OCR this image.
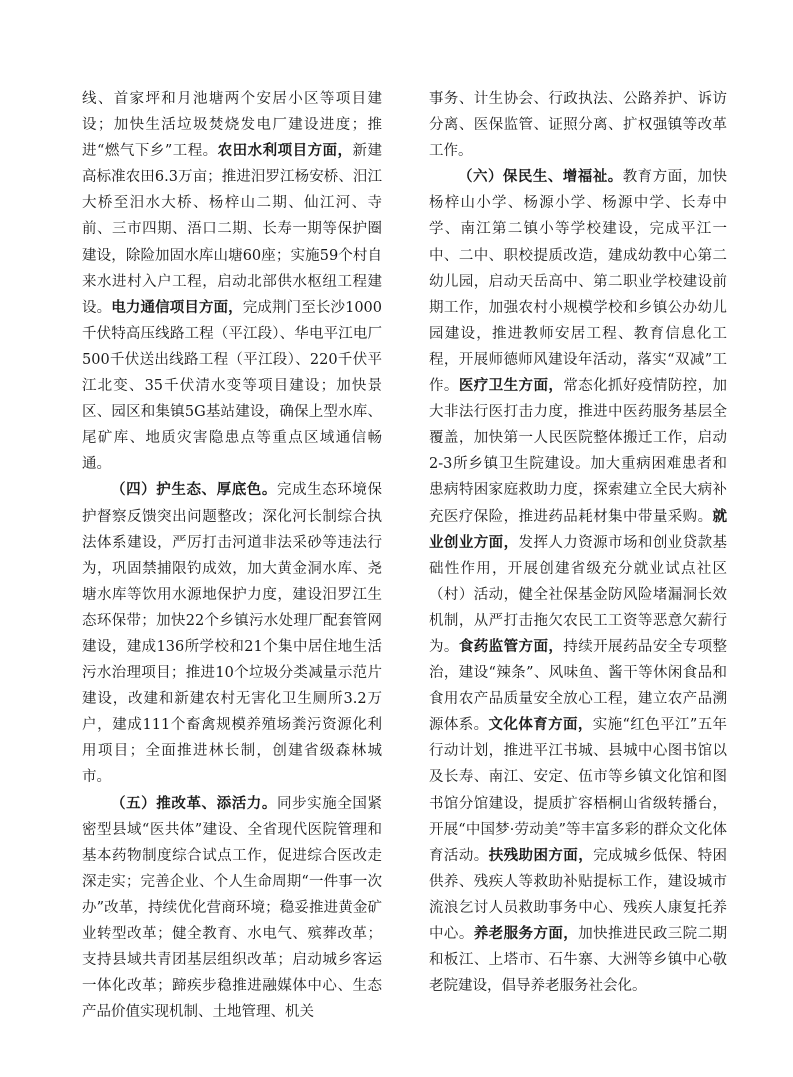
线、首家坪和月池塘两个安居小区等项目建设；加快生活垃圾焚烧发电厂建设进度；推进“燃气下乡”工程。农田水利项目方面，新建高标准农田6.3万亩；推进汨罗江杨安桥、汨江大桥至汨水大桥、杨梓山二期、仙江河、寺前、三市四期、浯口二期、长寿一期等保护圈建设，除险加固水库山塘60座；实施59个村自来水进村入户工程，启动北部供水枢纽工程建设。电力通信项目方面，完成荆门至长沙1000千伏特高压线路工程（平江段）、华电平江电厂500千伏送出线路工程（平江段）、220千伏平江北变、35千伏清水变等项目建设；加快景区、园区和集镇5G基站建设，确保上型水库、尾矿库、地质灾害隐患点等重点区域通信畅通。

（四）护生态、厚底色。完成生态环境保护督察反馈突出问题整改；深化河长制综合执法体系建设，严厉打击河道非法采砂等违法行为，巩固禁捕限钓成效，加大黄金洞水库、尧塘水库等饮用水源地保护力度，建设汨罗江生态环保带；加快22个乡镇污水处理厂配套管网建设，建成136所学校和21个集中居住地生活污水治理项目；推进10个垃圾分类减量示范片建设，改建和新建农村无害化卫生厕所3.2万户，建成111个畜禽规模养殖场粪污资源化利用项目；全面推进林长制，创建省级森林城市。

（五）推改革、添活力。同步实施全国紧密型县域“医共体”建设、全省现代医院管理和基本药物制度综合试点工作，促进综合医改走深走实；完善企业、个人生命周期“一件事一次办”改革，持续优化营商环境；稳妥推进黄金矿业转型改革；健全教育、水电气、殡葬改革；支持县域共青团基层组织改革；启动城乡客运一体化改革；蹄疾步稳推进融媒体中心、生态产品价值实现机制、土地管理、机关

事务、计生协会、行政执法、公路养护、诉访分离、医保监管、证照分离、扩权强镇等改革工作。

（六）保民生、增福祉。教育方面，加快杨梓山小学、杨源小学、杨源中学、长寿中学、南江第二镇小等学校建设，完成平江一中、二中、职校提质改造，建成幼教中心第二幼儿园，启动天岳高中、第二职业学校建设前期工作，加强农村小规模学校和乡镇公办幼儿园建设，推进教师安居工程、教育信息化工程，开展师德师风建设年活动，落实“双减”工作。医疗卫生方面，常态化抓好疫情防控，加大非法行医打击力度，推进中医药服务基层全覆盖，加快第一人民医院整体搬迁工作，启动2-3所乡镇卫生院建设。加大重病困难患者和患病特困家庭救助力度，探索建立全民大病补充医疗保险，推进药品耗材集中带量采购。就业创业方面，发挥人力资源市场和创业贷款基础性作用，开展创建省级充分就业试点社区（村）活动，健全社保基金防风险堵漏洞长效机制，从严打击拖欠农民工工资等恶意欠薪行为。食药监管方面，持续开展药品安全专项整治，建设“辣条”、风味鱼、酱干等休闲食品和食用农产品质量安全放心工程，建立农产品溯源体系。文化体育方面，实施“红色平江”五年行动计划，推进平江书城、县城中心图书馆以及长寿、南江、安定、伍市等乡镇文化馆和图书馆分馆建设，提质扩容梧桐山省级转播台，开展“中国梦·劳动美”等丰富多彩的群众文化体育活动。扶残助困方面，完成城乡低保、特困供养、残疾人等救助补贴提标工作，建设城市流浪乞讨人员救助事务中心、残疾人康复托养中心。养老服务方面，加快推进民政三院二期和板江、上塔市、石牛寨、大洲等乡镇中心敬老院建设，倡导养老服务社会化。
